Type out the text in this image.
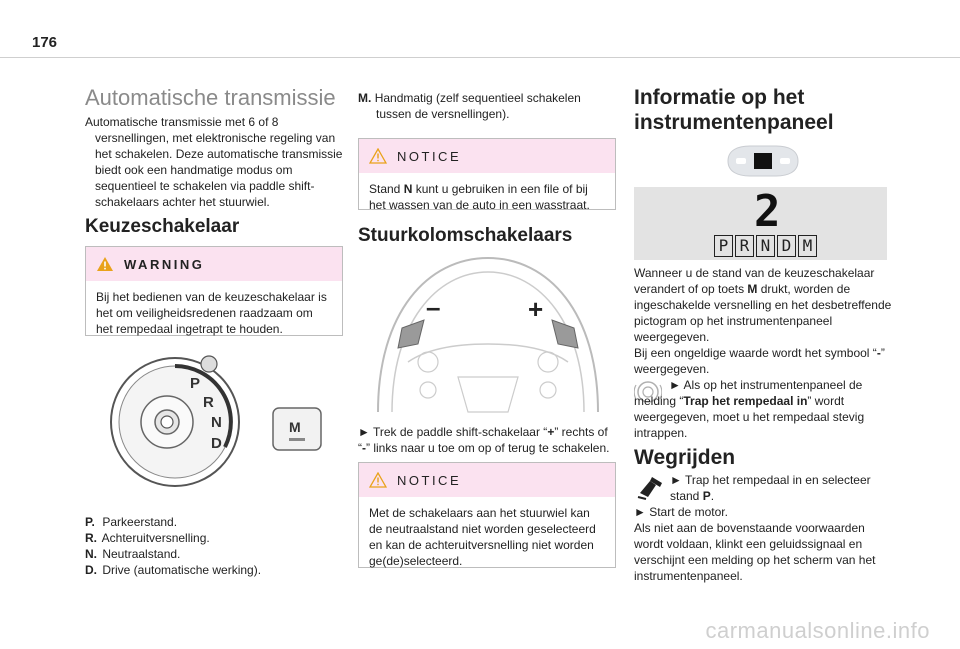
176
Automatische transmissie

Automatische transmissie met 6 of 8 versnellingen, met elektronische regeling van het schakelen. Deze automatische transmissie biedt ook een handmatige modus om sequentieel te schakelen via paddle shift-schakelaars achter het stuurwiel.

Keuzeschakelaar
WARNING
Bij het bedienen van de keuzeschakelaar is het om veiligheidsredenen raadzaam om het rempedaal ingetrapt te houden.
P
R
N
D
M
P. Parkeerstand.
R. Achteruitversnelling.
N. Neutraalstand.
D. Drive (automatische werking).
M. Handmatig (zelf sequentieel schakelen tussen de versnellingen).
NOTICE
Stand N kunt u gebruiken in een file of bij het wassen van de auto in een wasstraat.
Stuurkolomschakelaars
–	+
► Trek de paddle shift-schakelaar “+” rechts of “-” links naar u toe om op of terug te schakelen.
NOTICE
Met de schakelaars aan het stuurwiel kan de neutraalstand niet worden geselecteerd en kan de achteruitversnelling niet worden ge(de)selecteerd.
Informatie op het instrumentenpaneel
2
P R N D M
Wanneer u de stand van de keuzeschakelaar verandert of op toets M drukt, worden de ingeschakelde versnelling en het desbetreffende pictogram op het instrumentenpaneel weergegeven.
Bij een ongeldige waarde wordt het symbool “-” weergegeven.
► Als op het instrumentenpaneel de melding “Trap het rempedaal in” wordt weergegeven, moet u het rempedaal stevig intrappen.
Wegrijden
► Trap het rempedaal in en selecteer stand P.
► Start de motor.
Als niet aan de bovenstaande voorwaarden wordt voldaan, klinkt een geluidssignaal en verschijnt een melding op het scherm van het instrumentenpaneel.
carmanualsonline.info
